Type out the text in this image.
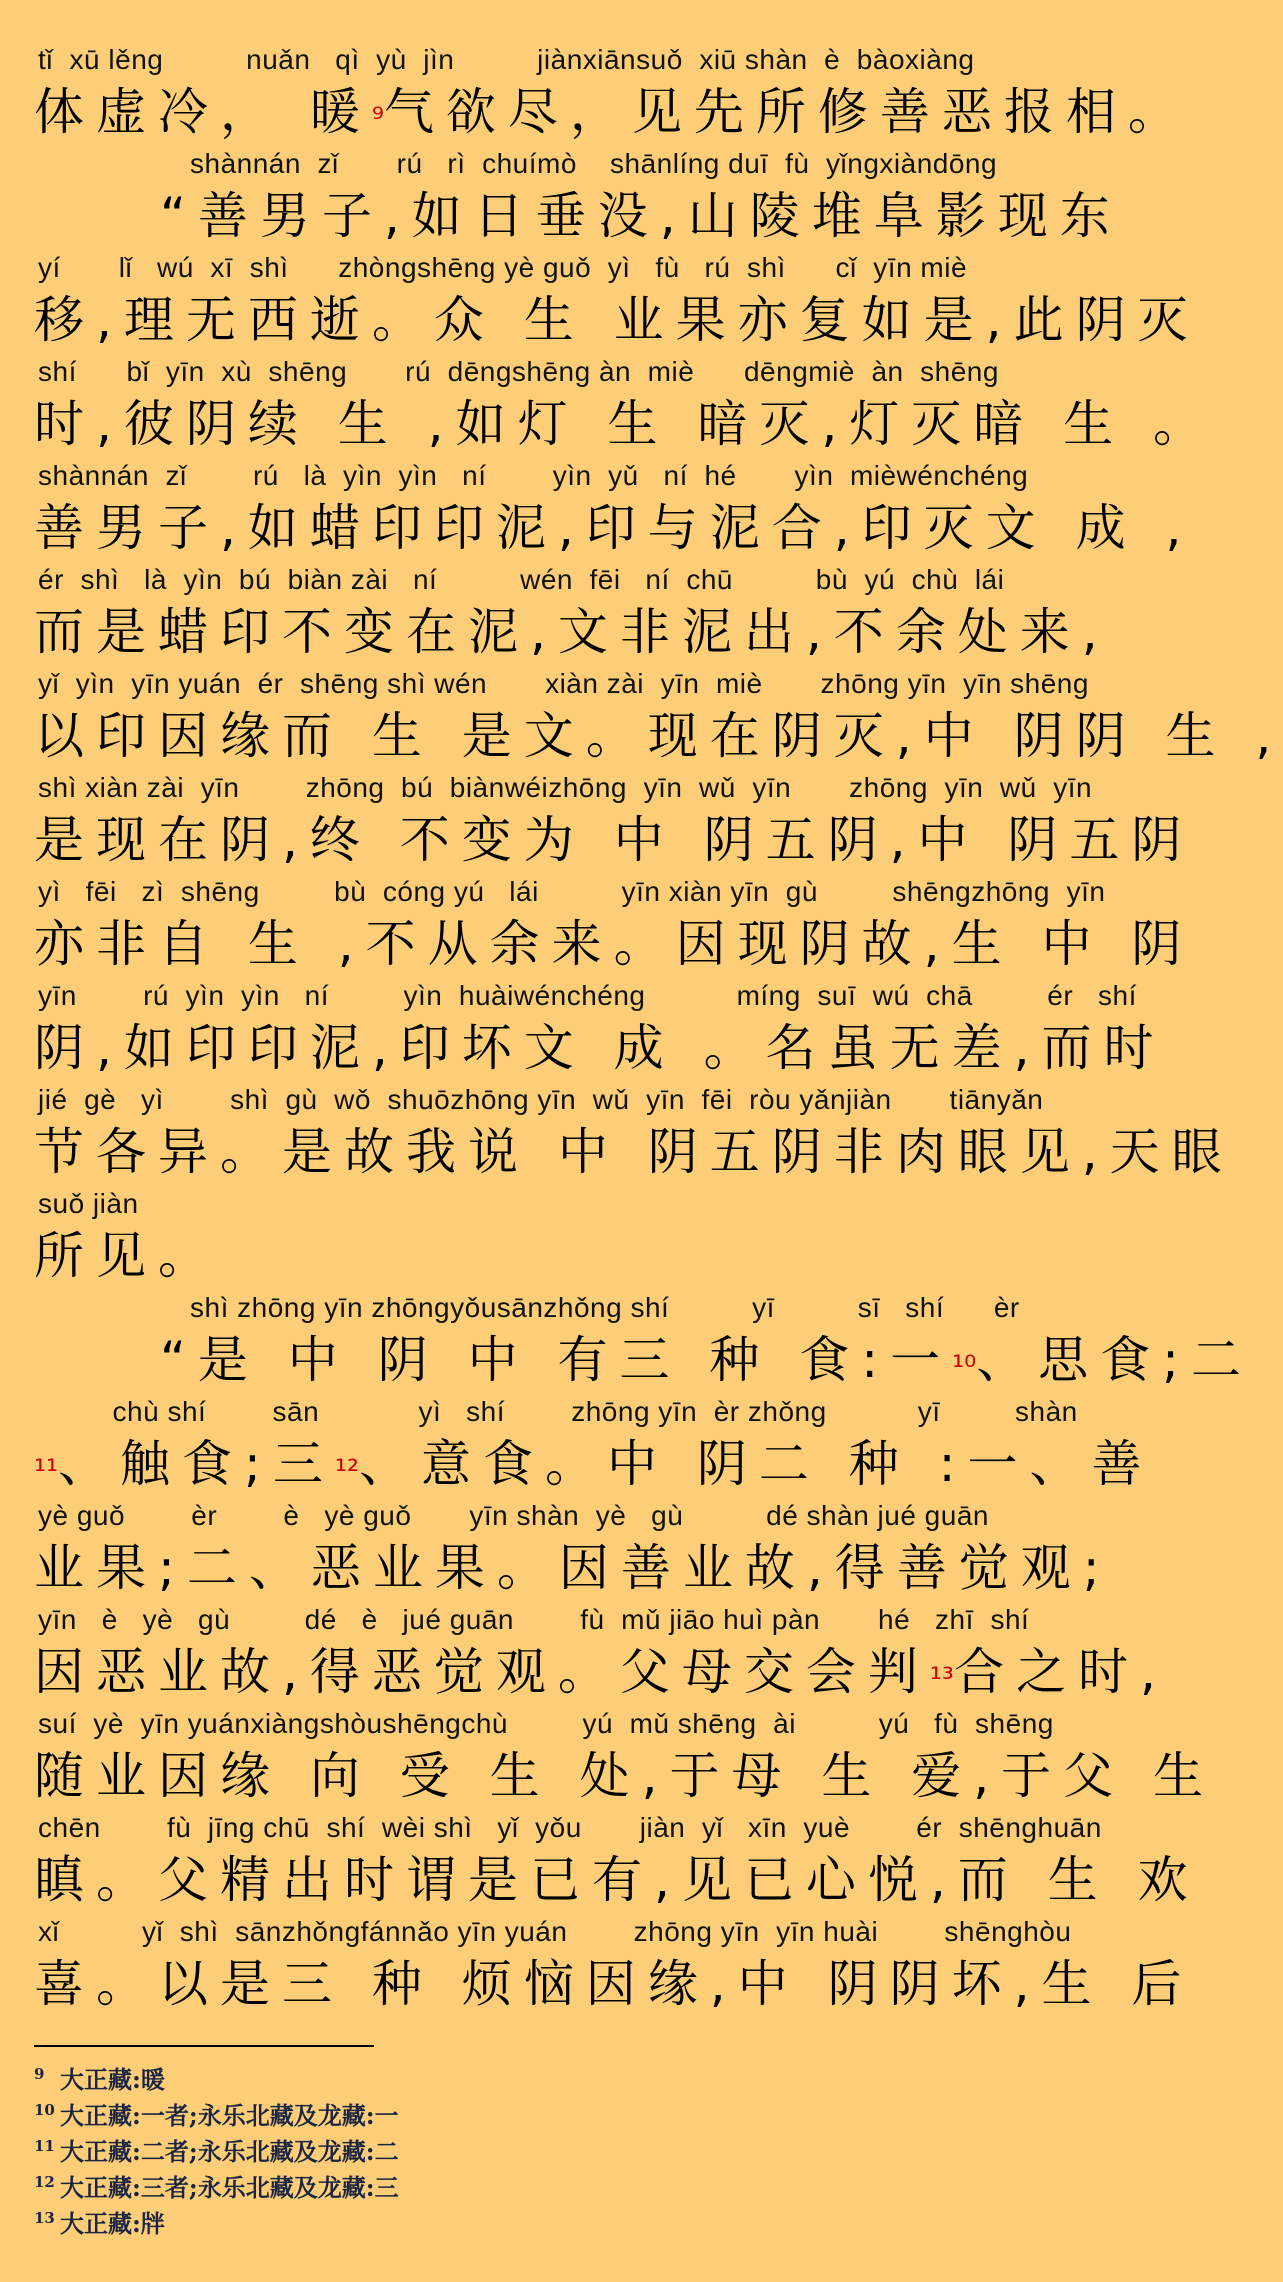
tǐ  xū lěng          nuǎn   qì  yù  jìn          jiànxiānsuǒ  xiū shàn  è  bàoxiàng
体虚冷， 暖⁹气欲尽，见先所修善恶报相。
shànnán  zǐ       rú   rì  chuímò    shānlíng duī  fù  yǐngxiàndōng
“善男子,如日垂没,山陵堆阜影现东
yí       lǐ   wú  xī  shì      zhòngshēng yè guǒ  yì   fù   rú  shì      cǐ  yīn miè
移,理无西逝。众 生 业果亦复如是,此阴灭
shí      bǐ  yīn  xù  shēng       rú  dēngshēng àn  miè      dēngmiè  àn  shēng
时,彼阴续 生 ,如灯 生 暗灭,灯灭暗 生 。
shànnán  zǐ        rú   là  yìn  yìn   ní        yìn  yǔ   ní  hé       yìn  mièwénchéng
善男子,如蜡印印泥,印与泥合,印灭文 成 ,
ér  shì   là  yìn  bú  biàn zài   ní          wén  fēi   ní  chū          bù  yú  chù  lái
而是蜡印不变在泥,文非泥出,不余处来,
yǐ  yìn  yīn yuán  ér  shēng shì wén       xiàn zài  yīn  miè       zhōng yīn  yīn shēng
以印因缘而 生 是文。现在阴灭,中 阴阴 生 ,
shì xiàn zài  yīn        zhōng  bú  biànwéizhōng  yīn  wǔ  yīn       zhōng  yīn  wǔ  yīn
是现在阴,终 不变为 中 阴五阴,中 阴五阴
yì   fēi   zì  shēng         bù  cóng yú   lái          yīn xiàn yīn  gù         shēngzhōng  yīn
亦非自 生 ,不从余来。因现阴故,生 中 阴
yīn        rú  yìn  yìn   ní         yìn  huàiwénchéng           míng  suī  wú  chā         ér   shí
阴,如印印泥,印坏文 成 。名虽无差,而时
jié  gè   yì        shì  gù  wǒ  shuōzhōng yīn  wǔ  yīn  fēi  ròu yǎnjiàn       tiānyǎn
节各异。是故我说 中 阴五阴非肉眼见,天眼
suǒ jiàn
所见。
shì zhōng yīn zhōngyǒusānzhǒng shí          yī          sī   shí      èr
“是 中 阴 中 有三 种 食:一¹⁰、思食;二
chù shí        sān            yì   shí        zhōng yīn  èr zhǒng           yī         shàn
¹¹、触食;三¹²、意食。中 阴二 种 :一、善
yè guǒ        èr        è   yè guǒ       yīn shàn  yè   gù          dé shàn jué guān
业果;二、恶业果。因善业故,得善觉观;
yīn   è   yè   gù         dé   è   jué guān        fù  mǔ jiāo huì pàn       hé   zhī  shí
因恶业故,得恶觉观。父母交会判¹³合之时,
suí  yè  yīn yuánxiàngshòushēngchù         yú  mǔ shēng  ài          yú   fù  shēng
随业因缘 向 受 生 处,于母 生 爱,于父 生
chēn        fù  jīng chū  shí  wèi shì   yǐ  yǒu       jiàn  yǐ   xīn  yuè        ér  shēnghuān
瞋。父精出时谓是已有,见已心悦,而 生 欢
xǐ          yǐ  shì  sānzhǒngfánnǎo yīn yuán        zhōng yīn  yīn huài        shēnghòu
喜。以是三 种 烦恼因缘,中 阴阴坏,生 后
9 大正藏:暖
10 大正藏:一者;永乐北藏及龙藏:一
11 大正藏:二者;永乐北藏及龙藏:二
12 大正藏:三者;永乐北藏及龙藏:三
13 大正藏:牉
